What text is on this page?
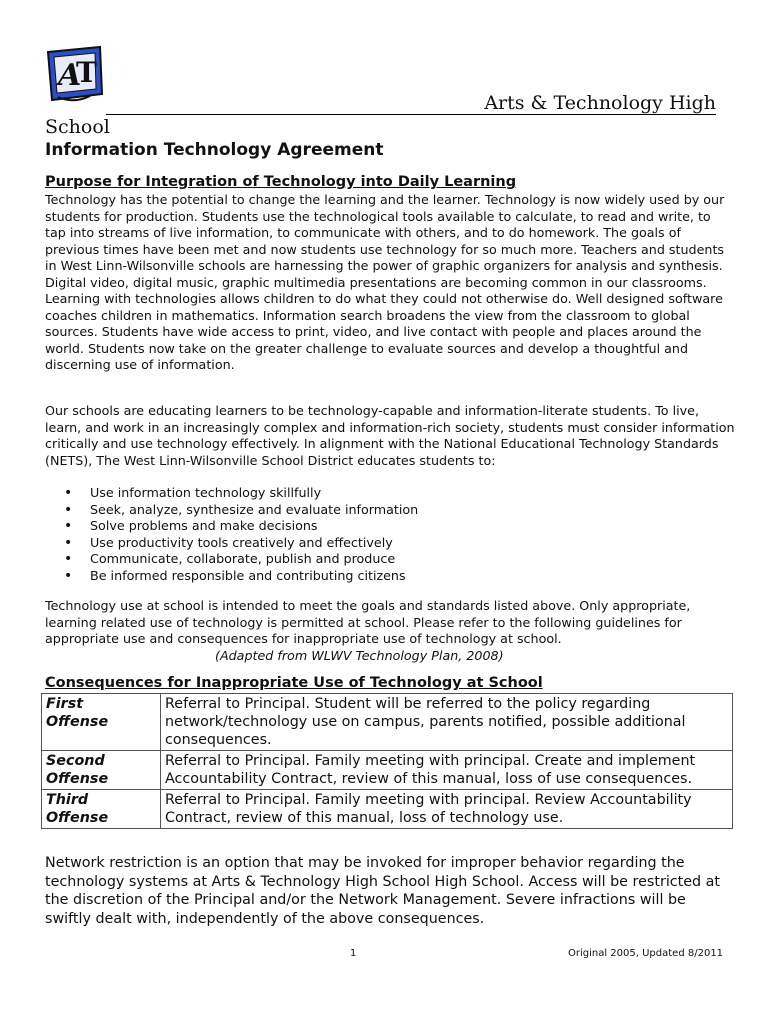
A
T
Arts & Technology High
School
Information Technology Agreement
Purpose for Integration of Technology into Daily Learning

Technology has the potential to change the learning and the learner. Technology is now widely used by our students for production. Students use the technological tools available to calculate, to read and write, to tap into streams of live information, to communicate with others, and to do homework. The goals of previous times have been met and now students use technology for so much more. Teachers and students in West Linn-Wilsonville schools are harnessing the power of graphic organizers for analysis and synthesis. Digital video, digital music, graphic multimedia presentations are becoming common in our classrooms. Learning with technologies allows children to do what they could not otherwise do. Well designed software coaches children in mathematics. Information search broadens the view from the classroom to global sources. Students have wide access to print, video, and live contact with people and places around the world. Students now take on the greater challenge to evaluate sources and develop a thoughtful and discerning use of information.

Our schools are educating learners to be technology-capable and information-literate students. To live, learn, and work in an increasingly complex and information-rich society, students must consider information critically and use technology effectively. In alignment with the National Educational Technology Standards (NETS), The West Linn-Wilsonville School District educates students to:

• Use information technology skillfully
• Seek, analyze, synthesize and evaluate information
• Solve problems and make decisions
• Use productivity tools creatively and effectively
• Communicate, collaborate, publish and produce
• Be informed responsible and contributing citizens

Technology use at school is intended to meet the goals and standards listed above. Only appropriate, learning related use of technology is permitted at school. Please refer to the following guidelines for appropriate use and consequences for inappropriate use of technology at school. (Adapted from WLWV Technology Plan, 2008)

Consequences for Inappropriate Use of Technology at School
First
Offense	Referral to Principal. Student will be referred to the policy regarding network/technology use on campus, parents notified, possible additional consequences.

Second
Offense	Referral to Principal. Family meeting with principal. Create and implement Accountability Contract, review of this manual, loss of use consequences.

Third
Offense	Referral to Principal. Family meeting with principal. Review Accountability Contract, review of this manual, loss of technology use.

Network restriction is an option that may be invoked for improper behavior regarding the technology systems at Arts & Technology High School High School. Access will be restricted at the discretion of the Principal and/or the Network Management. Severe infractions will be swiftly dealt with, independently of the above consequences.

1	Original 2005, Updated 8/2011
